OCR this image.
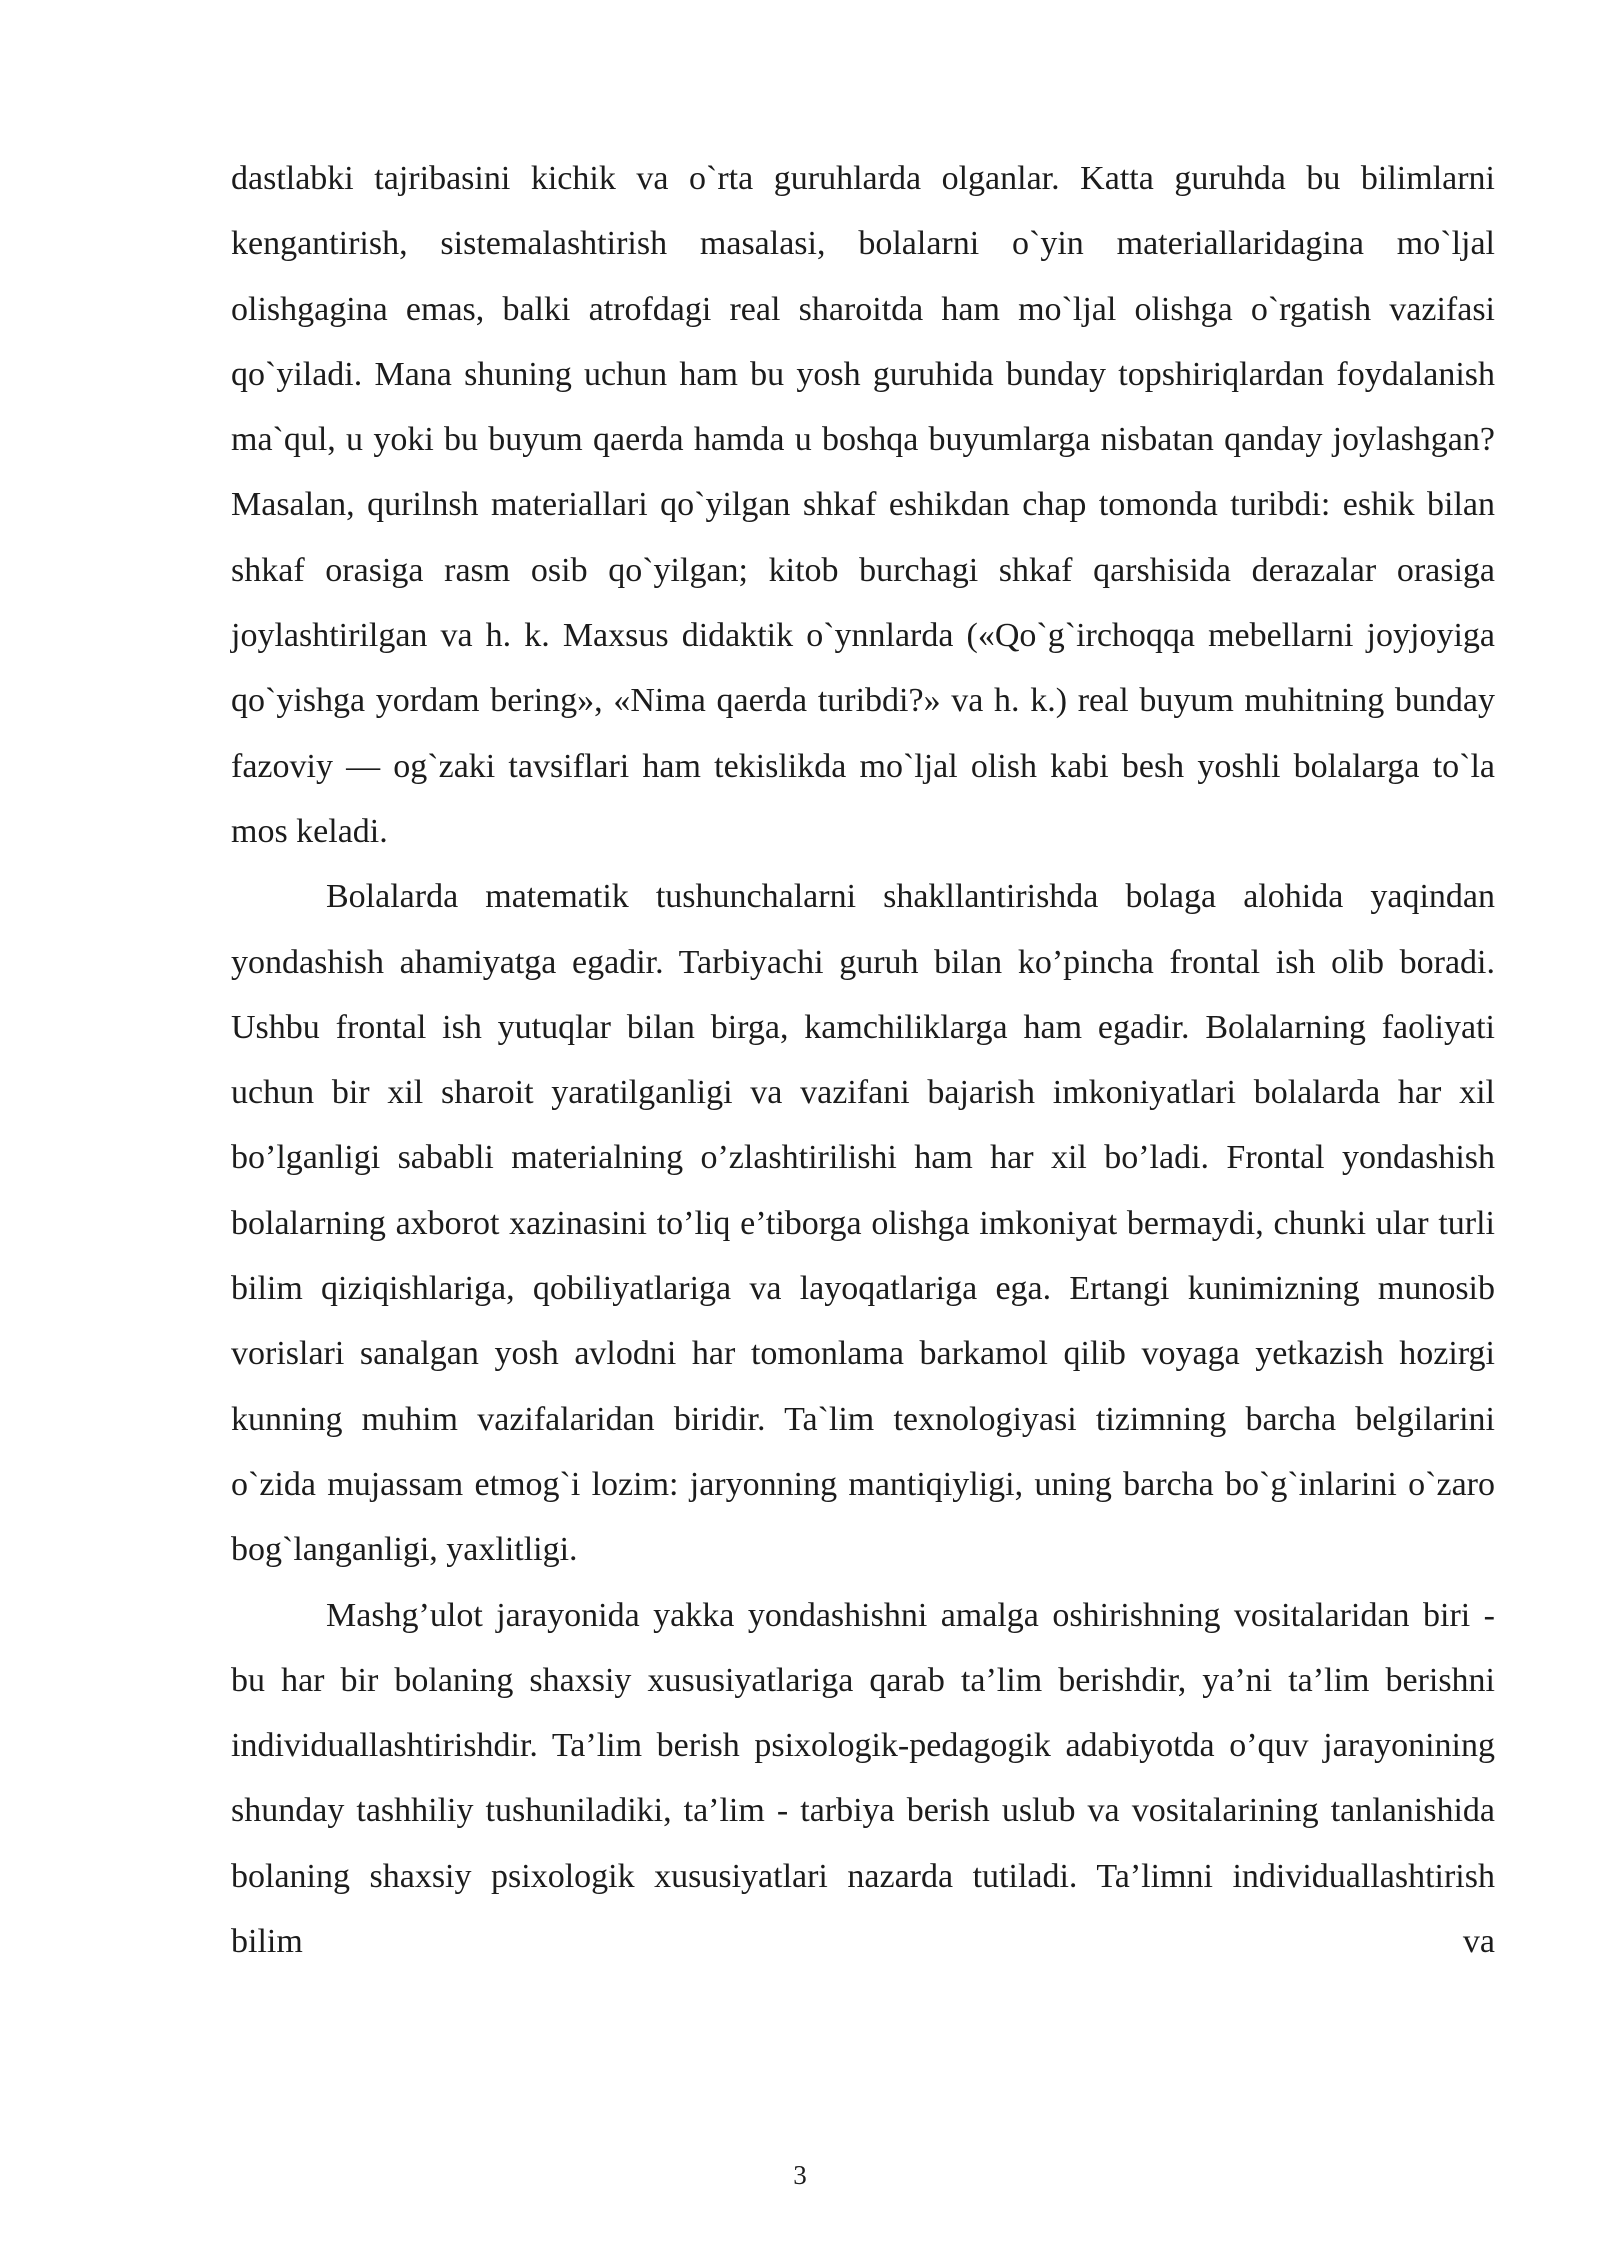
dastlabki tajribasini kichik va o`rta guruhlarda olganlar. Katta guruhda bu bilimlarni kengantirish, sistemalashtirish masalasi, bolalarni o`yin materiallaridagina mo`ljal olishgagina emas, balki atrofdagi real sharoitda ham mo`ljal olishga o`rgatish vazifasi qo`yiladi. Mana shuning uchun ham bu yosh guruhida bunday topshiriqlardan foydalanish ma`qul, u yoki bu buyum qaerda hamda u boshqa buyumlarga nisbatan qanday joylashgan? Masalan, qurilnsh materiallari qo`yilgan shkaf eshikdan chap tomonda turibdi: eshik bilan shkaf orasiga rasm osib qo`yilgan; kitob burchagi shkaf qarshisida derazalar orasiga joylashtirilgan va h. k. Maxsus didaktik o`ynnlarda («Qo`g`irchoqqa mebellarni joyjoyiga qo`yishga yordam bering», «Nima qaerda turibdi?» va h. k.) real buyum muhitning bunday fazoviy — og`zaki tavsiflari ham tekislikda mo`ljal olish kabi besh yoshli bolalarga to`la mos keladi.

Bolalarda matematik tushunchalarni shakllantirishda bolaga alohida yaqindan yondashish ahamiyatga egadir. Tarbiyachi guruh bilan ko’pincha frontal ish olib boradi. Ushbu frontal ish yutuqlar bilan birga, kamchiliklarga ham egadir. Bolalarning faoliyati uchun bir xil sharoit yaratilganligi va vazifani bajarish imkoniyatlari bolalarda har xil bo’lganligi sababli materialning o’zlashtirilishi ham har xil bo’ladi. Frontal yondashish bolalarning axborot xazinasini to’liq e’tiborga olishga imkoniyat bermaydi, chunki ular turli bilim qiziqishlariga, qobiliyatlariga va layoqatlariga ega. Ertangi kunimizning munosib vorislari sanalgan yosh avlodni har tomonlama barkamol qilib voyaga yetkazish hozirgi kunning muhim vazifalaridan biridir. Ta`lim texnologiyasi tizimning barcha belgilarini o`zida mujassam etmog`i lozim: jaryonning mantiqiyligi, uning barcha bo`g`inlarini o`zaro bog`langanligi, yaxlitligi.

Mashg’ulot jarayonida yakka yondashishni amalga oshirishning vositalaridan biri - bu har bir bolaning shaxsiy xususiyatlariga qarab ta’lim berishdir, ya’ni ta’lim berishni individuallashtirishdir. Ta’lim berish psixologik-pedagogik adabiyotda o’quv jarayonining shunday tashhiliy tushuniladiki, ta’lim - tarbiya berish uslub va vositalarining tanlanishida bolaning shaxsiy psixologik xususiyatlari nazarda tutiladi. Ta’limni individuallashtirish bilim va

3
